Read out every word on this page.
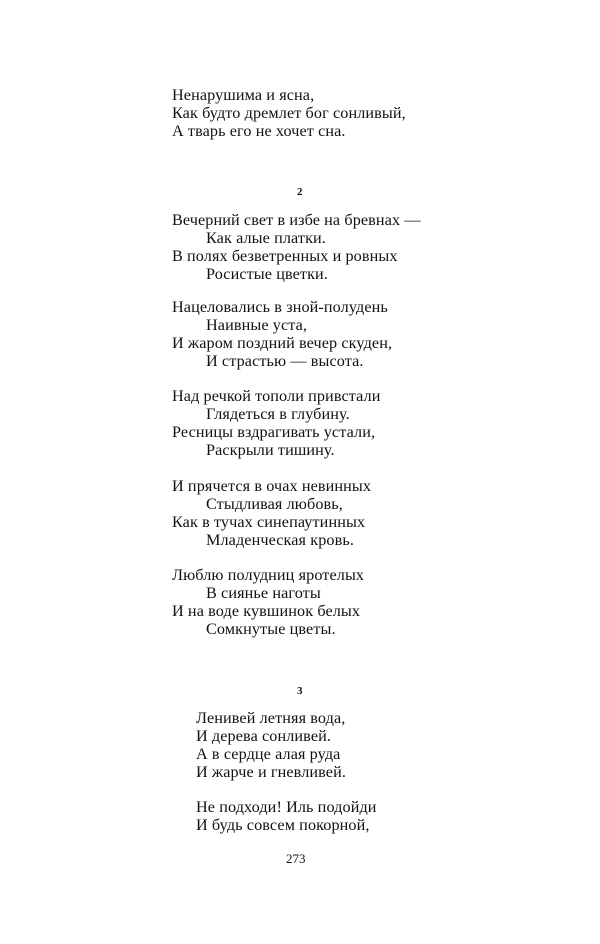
Ненарушима и ясна,
Как будто дремлет бог сонливый,
А тварь его не хочет сна.
2
Вечерний свет в избе на бревнах —
Как алые платки.
В полях безветренных и ровных
Росистые цветки.
Нацеловались в зной-полудень
Наивные уста,
И жаром поздний вечер скуден,
И страстью — высота.
Над речкой тополи привстали
Глядеться в глубину.
Ресницы вздрагивать устали,
Раскрыли тишину.
И прячется в очах невинных
Стыдливая любовь,
Как в тучах синепаутинных
Младенческая кровь.
Люблю полудниц яротелых
В сиянье наготы
И на воде кувшинок белых
Сомкнутые цветы.
3
Ленивей летняя вода,
И дерева сонливей.
А в сердце алая руда
И жарче и гневливей.
Не подходи! Иль подойди
И будь совсем покорной,
273
